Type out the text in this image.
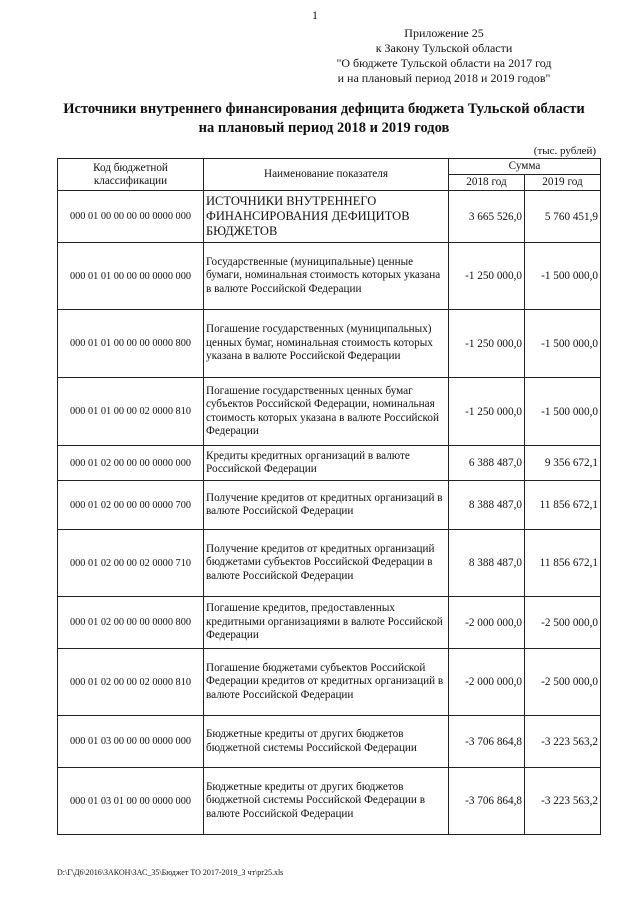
1
Приложение 25
к Закону Тульской области
"О бюджете Тульской области на 2017 год
и на плановый период 2018 и 2019 годов"
Источники внутреннего финансирования дефицита бюджета Тульской области
на плановый период 2018 и 2019 годов
(тыс. рублей)
Код бюджетной классификации	Наименование показателя	Сумма	
		2018 год	2019 год
000 01 00 00 00 00 0000 000	ИСТОЧНИКИ ВНУТРЕННЕГО ФИНАНСИРОВАНИЯ ДЕФИЦИТОВ БЮДЖЕТОВ	3 665 526,0	5 760 451,9
000 01 01 00 00 00 0000 000	Государственные (муниципальные) ценные бумаги, номинальная стоимость которых указана в валюте Российской Федерации	-1 250 000,0	-1 500 000,0
000 01 01 00 00 00 0000 800	Погашение государственных (муниципальных) ценных бумаг, номинальная стоимость которых указана в валюте Российской Федерации	-1 250 000,0	-1 500 000,0
000 01 01 00 00 02 0000 810	Погашение государственных ценных бумаг субъектов Российской Федерации, номинальная стоимость которых указана в валюте Российской Федерации	-1 250 000,0	-1 500 000,0
000 01 02 00 00 00 0000 000	Кредиты кредитных организаций в валюте Российской Федерации	6 388 487,0	9 356 672,1
000 01 02 00 00 00 0000 700	Получение кредитов от кредитных организаций в валюте Российской Федерации	8 388 487,0	11 856 672,1
000 01 02 00 00 02 0000 710	Получение кредитов от кредитных организаций бюджетами субъектов Российской Федерации в валюте Российской Федерации	8 388 487,0	11 856 672,1
000 01 02 00 00 00 0000 800	Погашение кредитов, предоставленных кредитными организациями в валюте Российской Федерации	-2 000 000,0	-2 500 000,0
000 01 02 00 00 02 0000 810	Погашение бюджетами субъектов Российской Федерации кредитов от кредитных организаций в валюте Российской Федерации	-2 000 000,0	-2 500 000,0
000 01 03 00 00 00 0000 000	Бюджетные кредиты от других бюджетов бюджетной системы Российской Федерации	-3 706 864,8	-3 223 563,2
000 01 03 01 00 00 0000 000	Бюджетные кредиты от других бюджетов бюджетной системы Российской Федерации в валюте Российской Федерации	-3 706 864,8	-3 223 563,2
D:\Г\Д6\2016\ЗАКОН\ЗАС_35\Бюджет ТО 2017-2019_3 чт\pr25.xls
